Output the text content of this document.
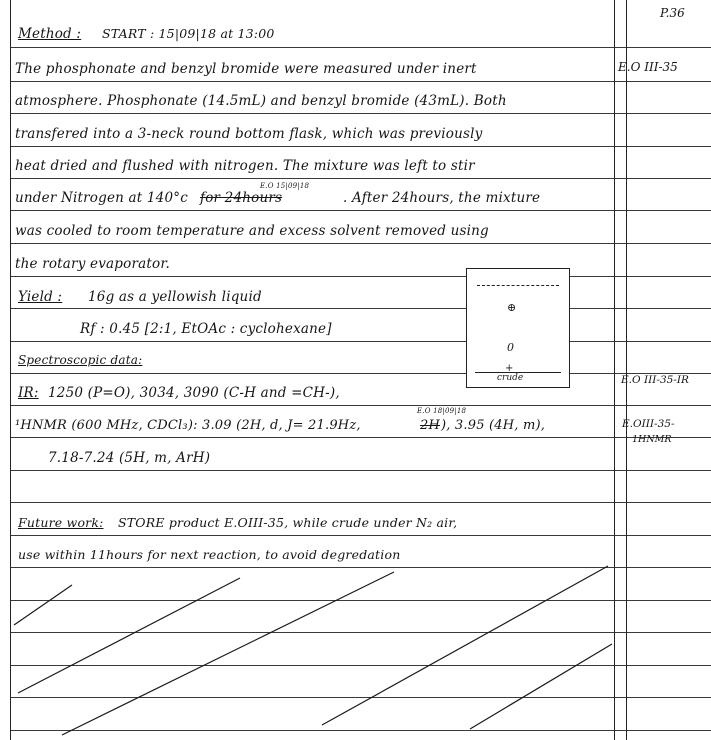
P.36
Method : START : 15|09|18 at 13:00
The phosphonate and benzyl bromide were measured under inert
atmosphere. Phosphonate (14.5mL) and benzyl bromide (43mL). Both
transfered into a 3-neck round bottom flask, which was previously
heat dried and flushed with nitrogen. The mixture was left to stir
under Nitrogen at 140°c for 24hours
E.O 15|09|18
. After 24hours, the mixture
was cooled to room temperature and excess solvent removed using
the rotary evaporator.
Yield : 16g as a yellowish liquid
Rf : 0.45 [2:1, EtOAc : cyclohexane]
Spectroscopic data:
IR: 1250 (P=O), 3034, 3090 (C-H and =CH-),
E.O 18|09|18
¹HNMR (600 MHz, CDCl₃): 3.09 (2H, d, J= 21.9Hz,	2H ), 3.95 (4H, m),
7.18-7.24 (5H, m, ArH)
Future work: STORE product E.OIII-35, while crude under N₂ air,
use within 11hours for next reaction, to avoid degredation
E.O III-35
E.O III-35-IR
E.OIII-35-
1HNMR
⊕
0
+
crude
